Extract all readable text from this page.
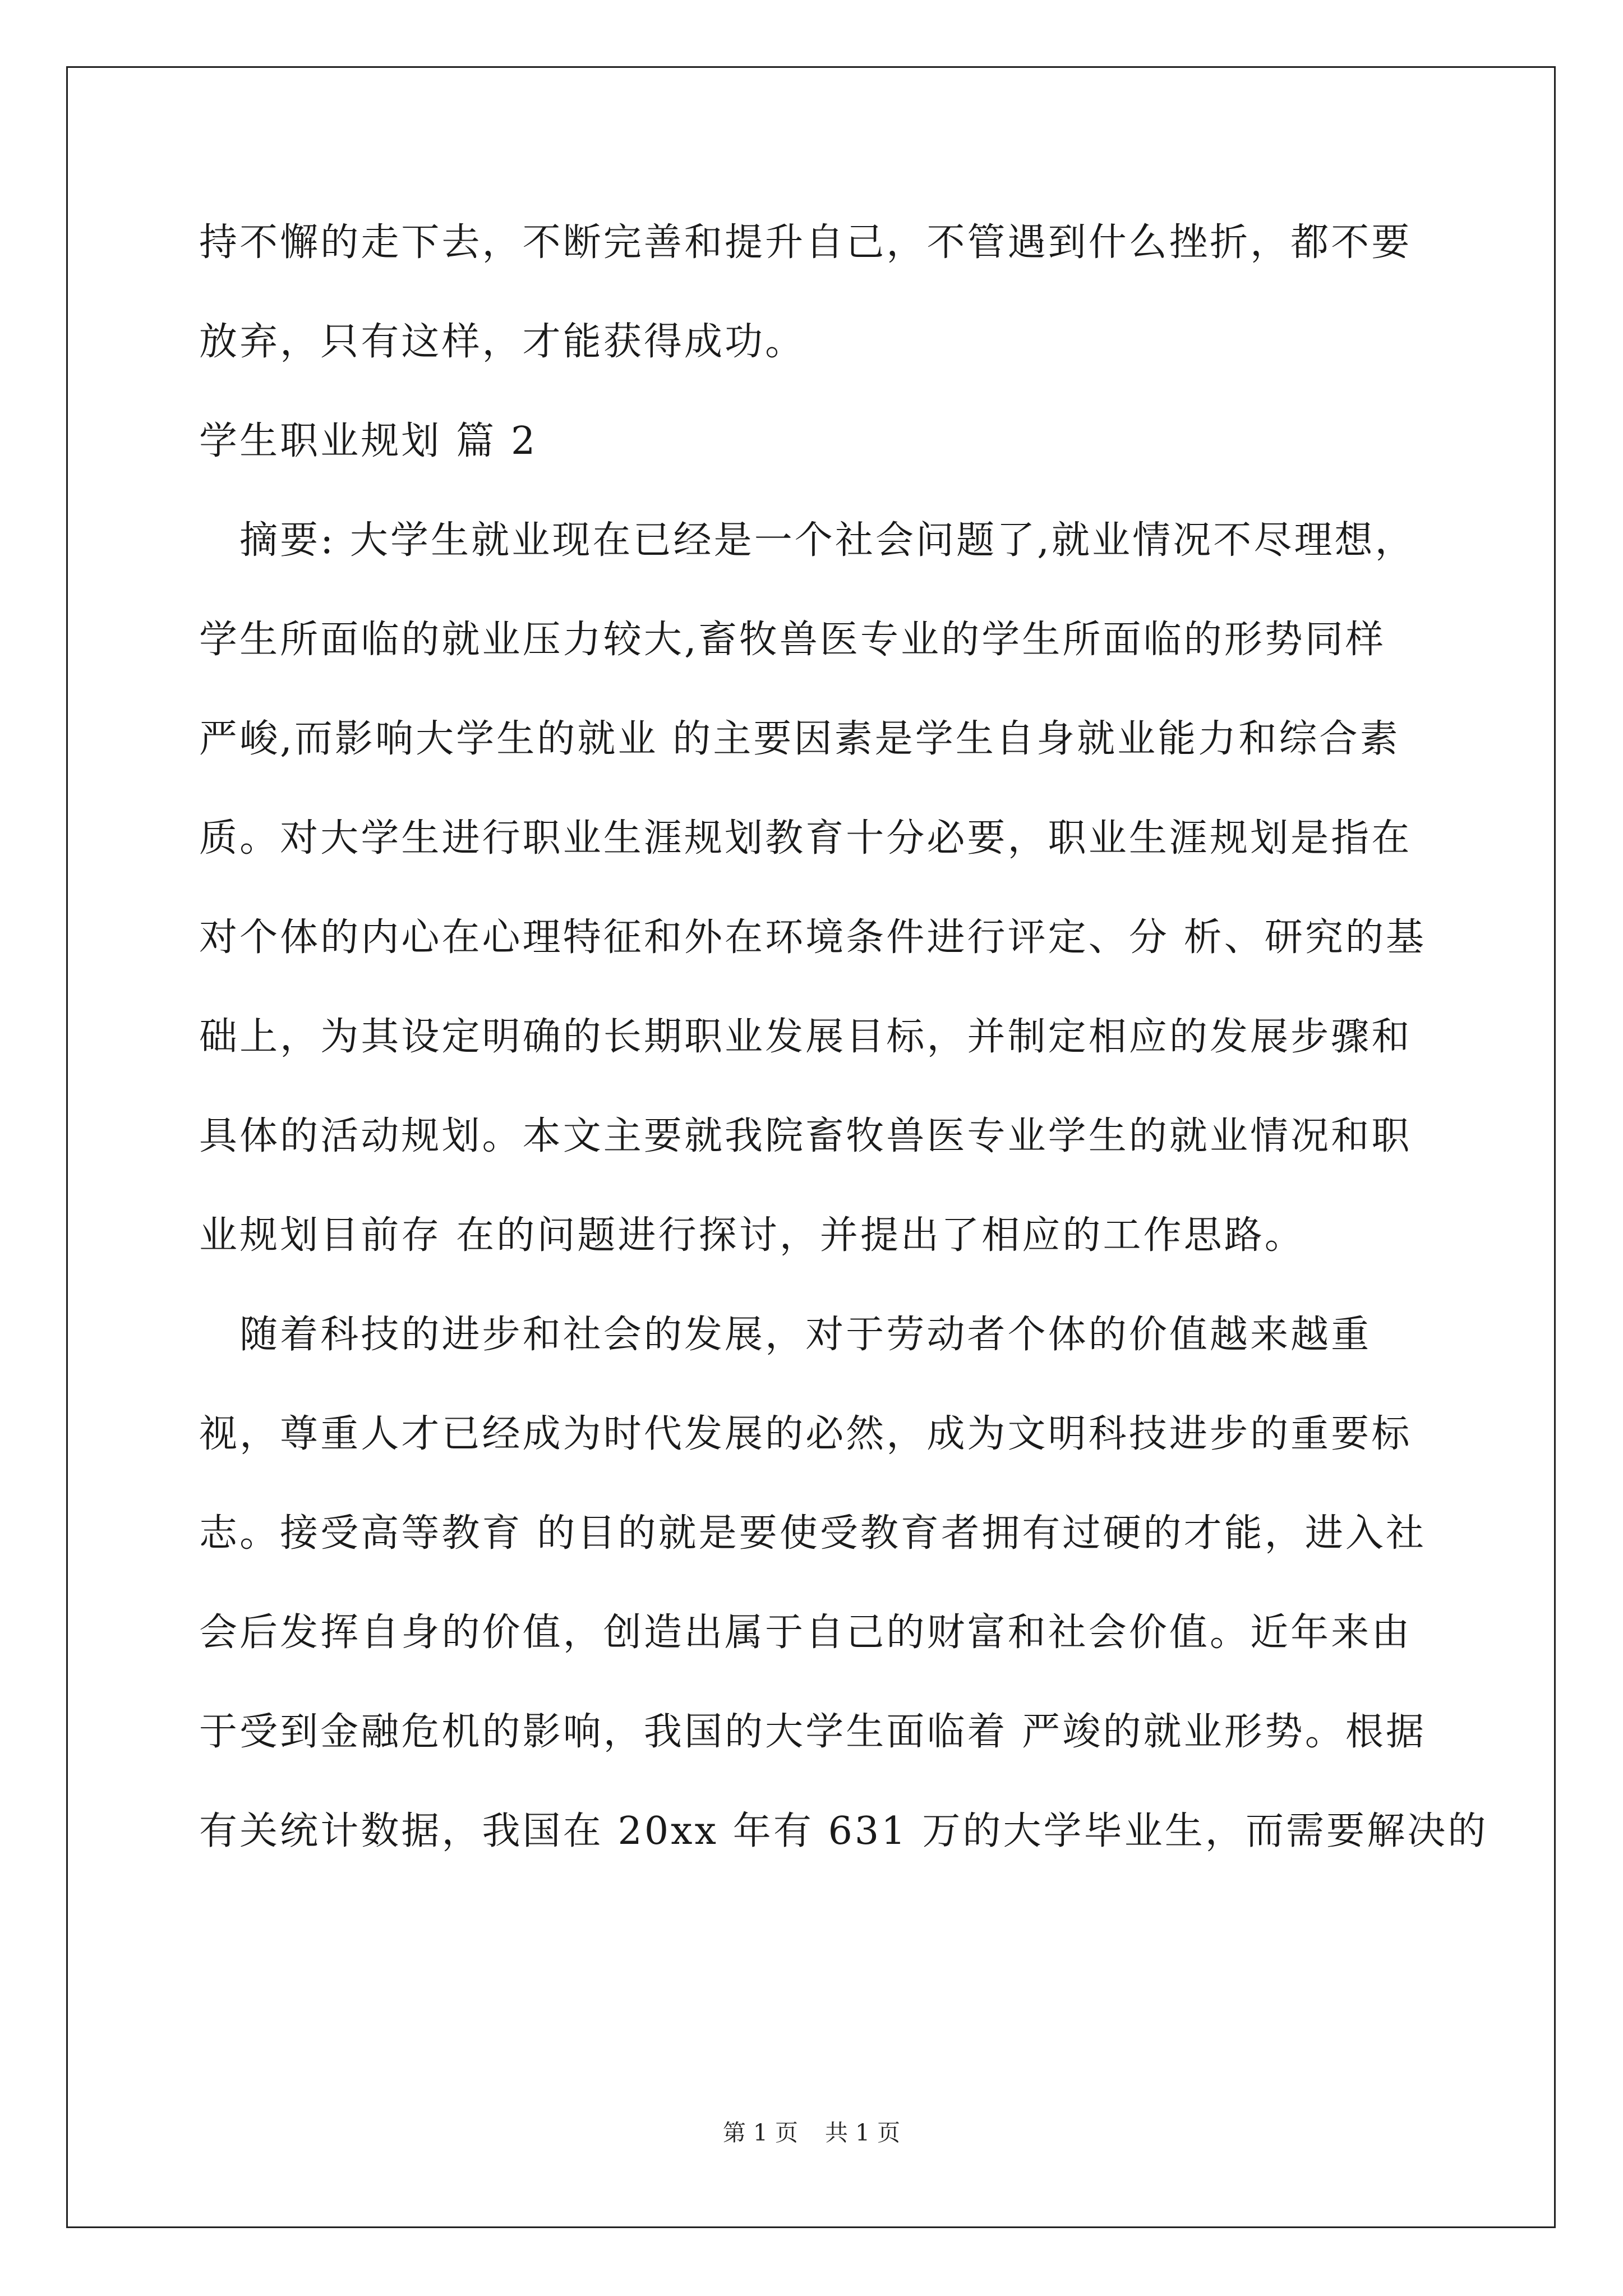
持不懈的走下去，不断完善和提升自己，不管遇到什么挫折，都不要
放弃，只有这样，才能获得成功。
学生职业规划 篇 2
　摘要: 大学生就业现在已经是一个社会问题了,就业情况不尽理想，
学生所面临的就业压力较大,畜牧兽医专业的学生所面临的形势同样
严峻,而影响大学生的就业 的主要因素是学生自身就业能力和综合素
质。对大学生进行职业生涯规划教育十分必要，职业生涯规划是指在
对个体的内心在心理特征和外在环境条件进行评定、分 析、研究的基
础上，为其设定明确的长期职业发展目标，并制定相应的发展步骤和
具体的活动规划。本文主要就我院畜牧兽医专业学生的就业情况和职
业规划目前存 在的问题进行探讨，并提出了相应的工作思路。
　随着科技的进步和社会的发展，对于劳动者个体的价值越来越重
视，尊重人才已经成为时代发展的必然，成为文明科技进步的重要标
志。接受高等教育 的目的就是要使受教育者拥有过硬的才能，进入社
会后发挥自身的价值，创造出属于自己的财富和社会价值。近年来由
于受到金融危机的影响，我国的大学生面临着 严竣的就业形势。根据
有关统计数据，我国在 20xx 年有 631 万的大学毕业生，而需要解决的
第 1 页 共 1 页
